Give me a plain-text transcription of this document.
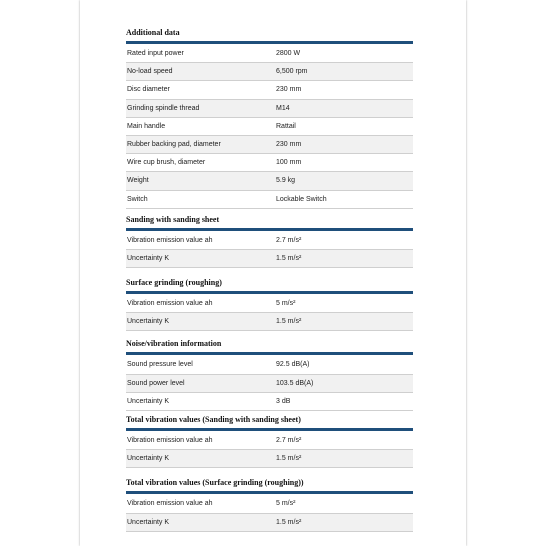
Additional data
Rated input power	2800 W
No-load speed	6,500 rpm
Disc diameter	230 mm
Grinding spindle thread	M14
Main handle	Rattail
Rubber backing pad, diameter	230 mm
Wire cup brush, diameter	100 mm
Weight	5.9 kg
Switch	Lockable Switch
Sanding with sanding sheet
Vibration emission value ah	2.7 m/s²
Uncertainty K	1.5 m/s²
Surface grinding (roughing)
Vibration emission value ah	5 m/s²
Uncertainty K	1.5 m/s²
Noise/vibration information
Sound pressure level	92.5 dB(A)
Sound power level	103.5 dB(A)
Uncertainty K	3 dB
Total vibration values (Sanding with sanding sheet)
Vibration emission value ah	2.7 m/s²
Uncertainty K	1.5 m/s²
Total vibration values (Surface grinding (roughing))
Vibration emission value ah	5 m/s²
Uncertainty K	1.5 m/s²
